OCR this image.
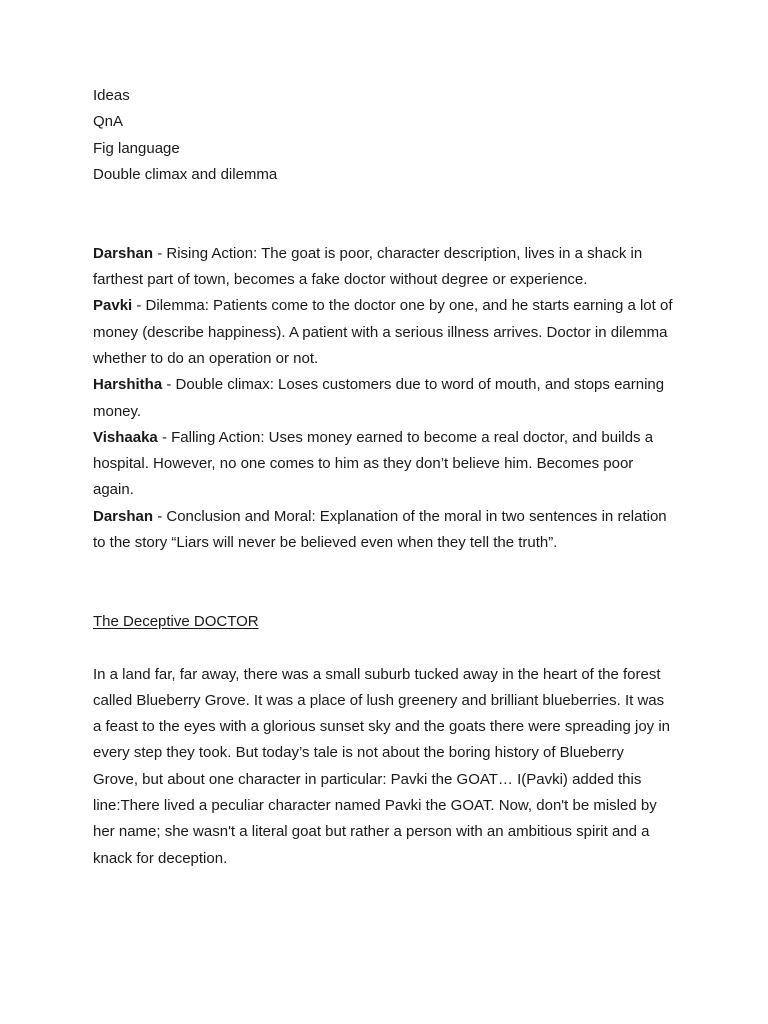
Ideas

QnA

Fig language

Double climax and dilemma

Darshan - Rising Action: The goat is poor, character description, lives in a shack in farthest part of town, becomes a fake doctor without degree or experience.

Pavki - Dilemma: Patients come to the doctor one by one, and he starts earning a lot of money (describe happiness). A patient with a serious illness arrives. Doctor in dilemma whether to do an operation or not.

Harshitha - Double climax: Loses customers due to word of mouth, and stops earning money.

Vishaaka - Falling Action: Uses money earned to become a real doctor, and builds a hospital. However, no one comes to him as they don’t believe him. Becomes poor again.

Darshan - Conclusion and Moral: Explanation of the moral in two sentences in relation to the story “Liars will never be believed even when they tell the truth”.

The Deceptive DOCTOR

In a land far, far away, there was a small suburb tucked away in the heart of the forest called Blueberry Grove. It was a place of lush greenery and brilliant blueberries. It was a feast to the eyes with a glorious sunset sky and the goats there were spreading joy in every step they took. But today’s tale is not about the boring history of Blueberry Grove, but about one character in particular: Pavki the GOAT… I(Pavki) added this line:There lived a peculiar character named Pavki the GOAT. Now, don't be misled by her name; she wasn't a literal goat but rather a person with an ambitious spirit and a knack for deception.
